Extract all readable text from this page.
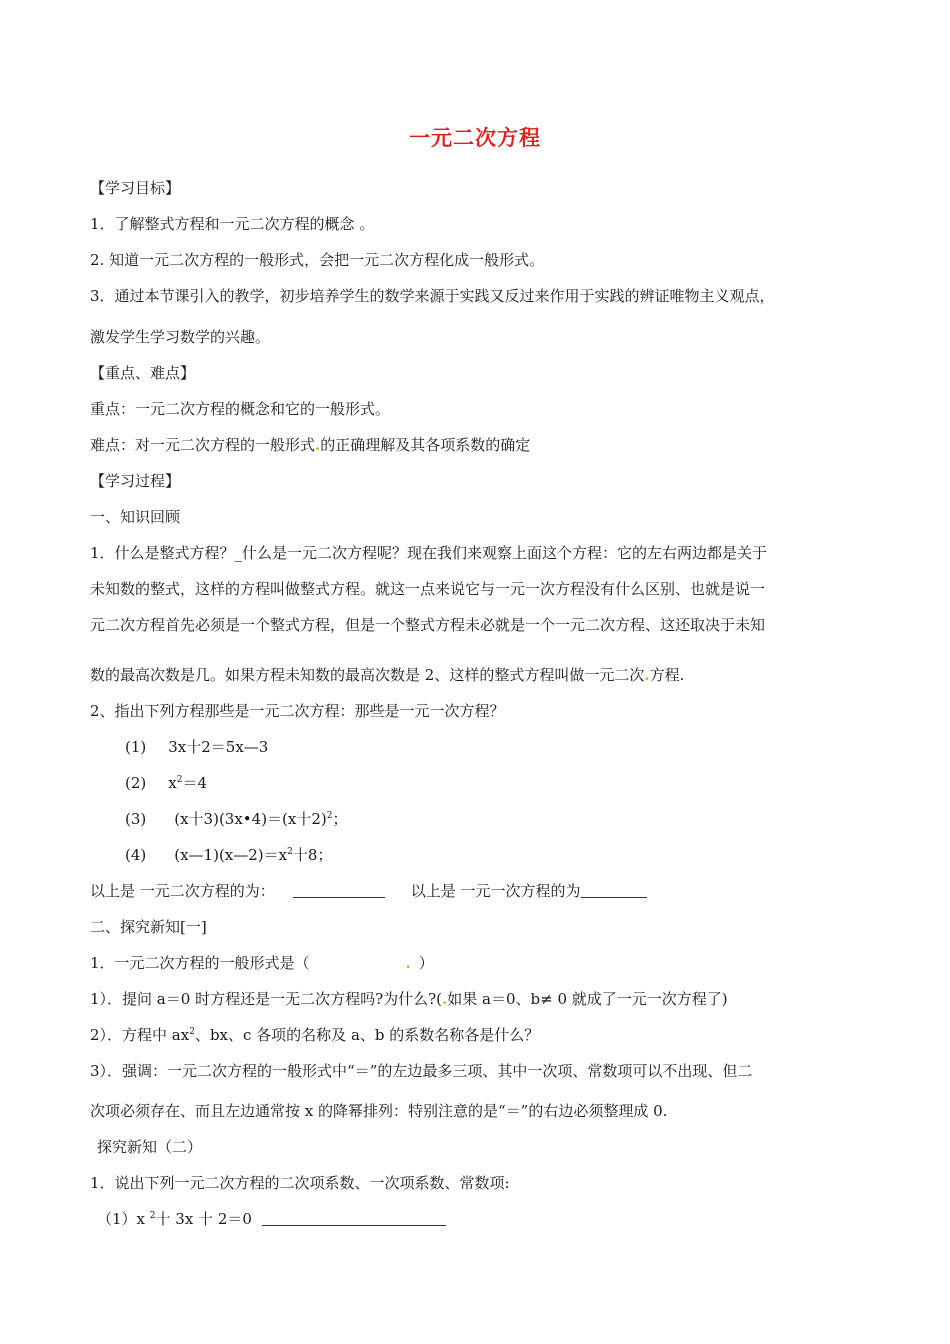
一元二次方程
【学习目标】
1．了解整式方程和一元二次方程的概念 。
2. 知道一元二次方程的一般形式，会把一元二次方程化成一般形式。
3．通过本节课引入的教学，初步培养学生的数学来源于实践又反过来作用于实践的辨证唯物主义观点，
激发学生学习数学的兴趣。
【重点、难点】
重点：一元二次方程的概念和它的一般形式。
难点：对一元二次方程的一般形式.的正确理解及其各项系数的确定
【学习过程】
一、知识回顾
1．什么是整式方程？_什么是一元二次方程呢？现在我们来观察上面这个方程：它的左右两边都是关于
未知数的整式，这样的方程叫做整式方程。就这一点来说它与一元一次方程没有什么区别、也就是说一
元二次方程首先必须是一个整式方程，但是一个整式方程未必就是一个一元二次方程、这还取决于未知
数的最高次数是几。如果方程未知数的最高次数是 2、这样的整式方程叫做一元二次.方程.
2、指出下列方程那些是一元二次方程：那些是一元一次方程？
(1) 3x十2＝5x—3
(2) $x^2=4$
(3) (x十3)(3x•4)＝(x十2)$^2$；
(4) $(x—1)(x—2)=x^2$十8；
以上是 一元二次方程的为：	以上是 一元一次方程的为
二、探究新知[一]
1．一元二次方程的一般形式是（	. ）
1）．提问 a＝0 时方程还是一无二次方程吗?为什么?(.如果 a＝0、b≠ 0 就成了一元一次方程了)
2）．方程中 $ax^2$、bx、c 各项的名称及 a、b 的系数名称各是什么？
3）．强调：一元二次方程的一般形式中“＝”的左边最多三项、其中一次项、常数项可以不出现、但二
次项必须存在、而且左边通常按 x 的降幂排列：特别注意的是“＝”的右边必须整理成 0.
探究新知（二）
1．说出下列一元二次方程的二次项系数、一次项系数、常数项:
（1）x $^2$十 3x 十 2＝0
